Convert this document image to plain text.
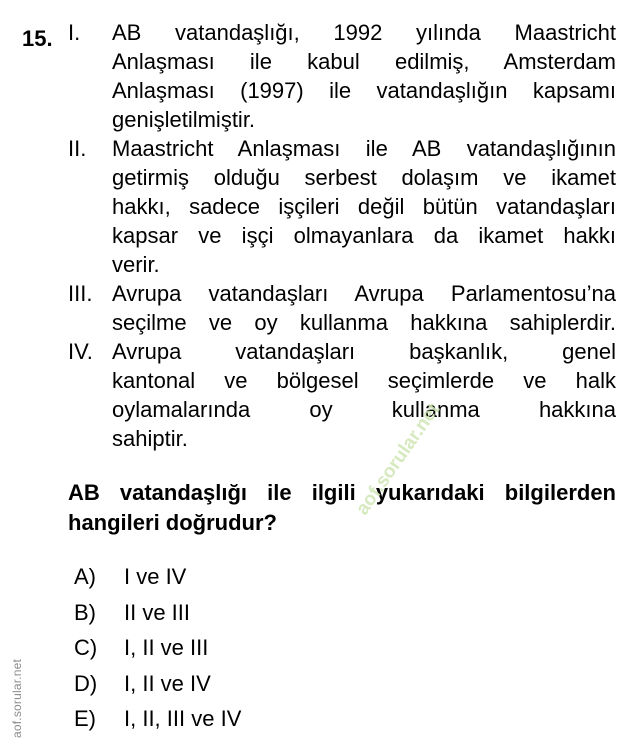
15. I. AB vatandaşlığı, 1992 yılında Maastricht
Anlaşması ile kabul edilmiş, Amsterdam
Anlaşması (1997) ile vatandaşlığın kapsamı
genişletilmiştir.
II. Maastricht Anlaşması ile AB vatandaşlığının
getirmiş olduğu serbest dolaşım ve ikamet
hakkı, sadece işçileri değil bütün vatandaşları
kapsar ve işçi olmayanlara da ikamet hakkı
verir.
III. Avrupa vatandaşları Avrupa Parlamentosu’na
seçilme ve oy kullanma hakkına sahiplerdir.
IV. Avrupa vatandaşları başkanlık, genel
kantonal ve bölgesel seçimlerde ve halk
oylamalarında oy kullanma hakkına
sahiptir.
AB vatandaşlığı ile ilgili yukarıdaki bilgilerden hangileri doğrudur?
A) I ve IV
B) II ve III
C) I, II ve III
D) I, II ve IV
E) I, II, III ve IV
aof.sorular.net
aof.sorular.net
